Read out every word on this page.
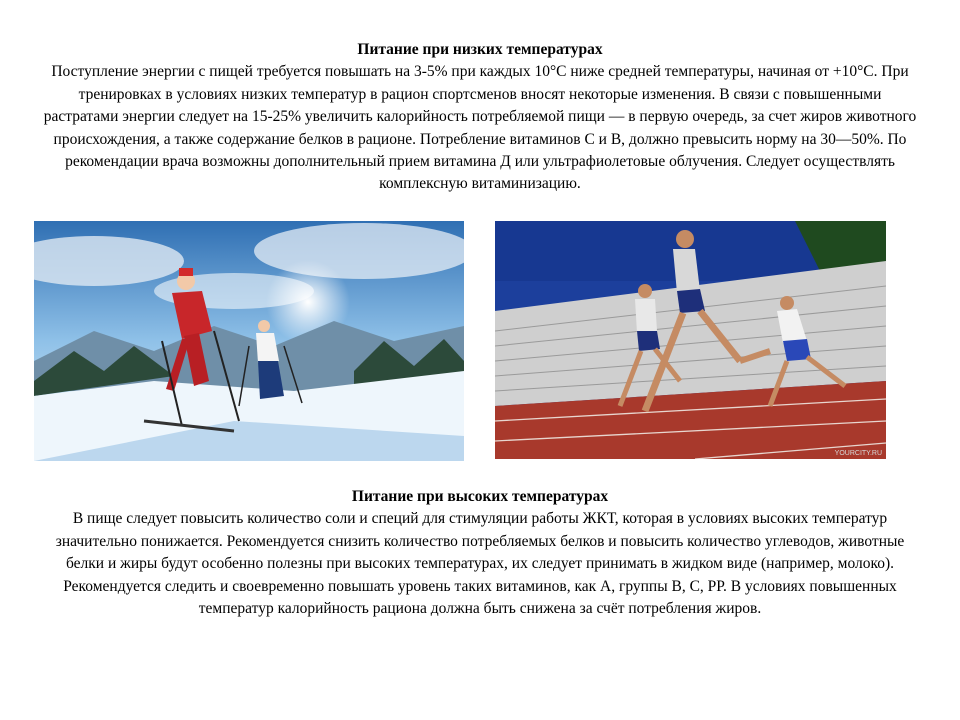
Питание при низких температурах
Поступление энергии с пищей требуется повышать на 3-5% при каждых 10°С ниже средней температуры, начиная от +10°С. При тренировках в условиях низких температур в рацион спортсменов вносят некоторые изменения. В связи с повышенными растратами энергии следует на 15-25% увеличить калорийность потребляемой пищи — в первую очередь, за счет жиров животного происхождения, а также содержание белков в рационе. Потребление витаминов С и В, должно превысить норму на 30—50%. По рекомендации врача возможны дополнительный прием витамина Д или ультрафиолетовые облучения. Следует осуществлять комплексную витаминизацию.
YOURCITY.RU
Питание при высоких температурах
В пище следует повысить количество соли и специй для стимуляции работы ЖКТ, которая в условиях высоких температур значительно понижается. Рекомендуется снизить количество потребляемых белков и повысить количество углеводов, животные белки и жиры будут особенно полезны при высоких температурах, их следует принимать в жидком виде (например, молоко). Рекомендуется следить и своевременно повышать уровень таких витаминов, как А, группы В, С, РР. В условиях повышенных температур калорийность рациона должна быть снижена за счёт потребления жиров.
